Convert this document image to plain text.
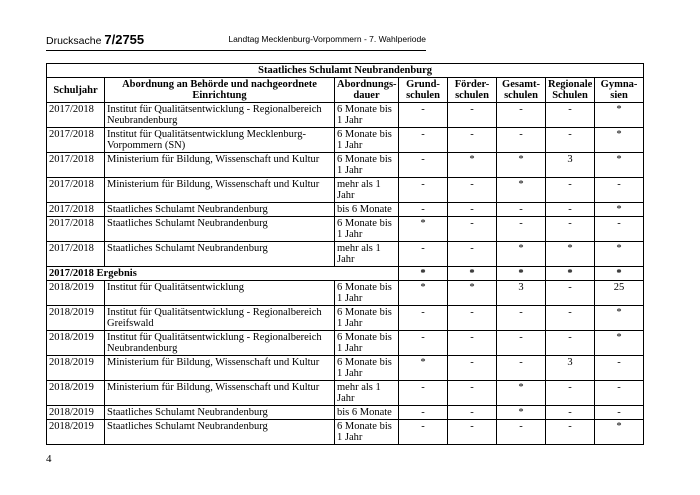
Drucksache 7/2755	Landtag Mecklenburg-Vorpommern - 7. Wahlperiode
Staatliches Schulamt Neubrandenburg							
Schuljahr	Abordnung an Behörde und nachgeordnete Einrichtung	Abordnungs-dauer	Grund-schulen	Förder-schulen	Gesamt-schulen	Regionale Schulen	Gymna-sien
2017/2018	Institut für Qualitätsentwicklung - Regionalbereich Neubrandenburg	6 Monate bis 1 Jahr	-	-	-	-	*
2017/2018	Institut für Qualitätsentwicklung Mecklenburg-Vorpommern (SN)	6 Monate bis 1 Jahr	-	-	-	-	*
2017/2018	Ministerium für Bildung, Wissenschaft und Kultur	6 Monate bis 1 Jahr	-	*	*	3	*
2017/2018	Ministerium für Bildung, Wissenschaft und Kultur	mehr als 1 Jahr	-	-	*	-	-
2017/2018	Staatliches Schulamt Neubrandenburg	bis 6 Monate	-	-	-	-	*
2017/2018	Staatliches Schulamt Neubrandenburg	6 Monate bis 1 Jahr	*	-	-	-	-
2017/2018	Staatliches Schulamt Neubrandenburg	mehr als 1 Jahr	-	-	*	*	*
2017/2018 Ergebnis			*	*	*	*	*
2018/2019	Institut für Qualitätsentwicklung	6 Monate bis 1 Jahr	*	*	3	-	25
2018/2019	Institut für Qualitätsentwicklung - Regionalbereich Greifswald	6 Monate bis 1 Jahr	-	-	-	-	*
2018/2019	Institut für Qualitätsentwicklung - Regionalbereich Neubrandenburg	6 Monate bis 1 Jahr	-	-	-	-	*
2018/2019	Ministerium für Bildung, Wissenschaft und Kultur	6 Monate bis 1 Jahr	*	-	-	3	-
2018/2019	Ministerium für Bildung, Wissenschaft und Kultur	mehr als 1 Jahr	-	-	*	-	-
2018/2019	Staatliches Schulamt Neubrandenburg	bis 6 Monate	-	-	*	-	-
2018/2019	Staatliches Schulamt Neubrandenburg	6 Monate bis 1 Jahr	-	-	-	-	*
4
